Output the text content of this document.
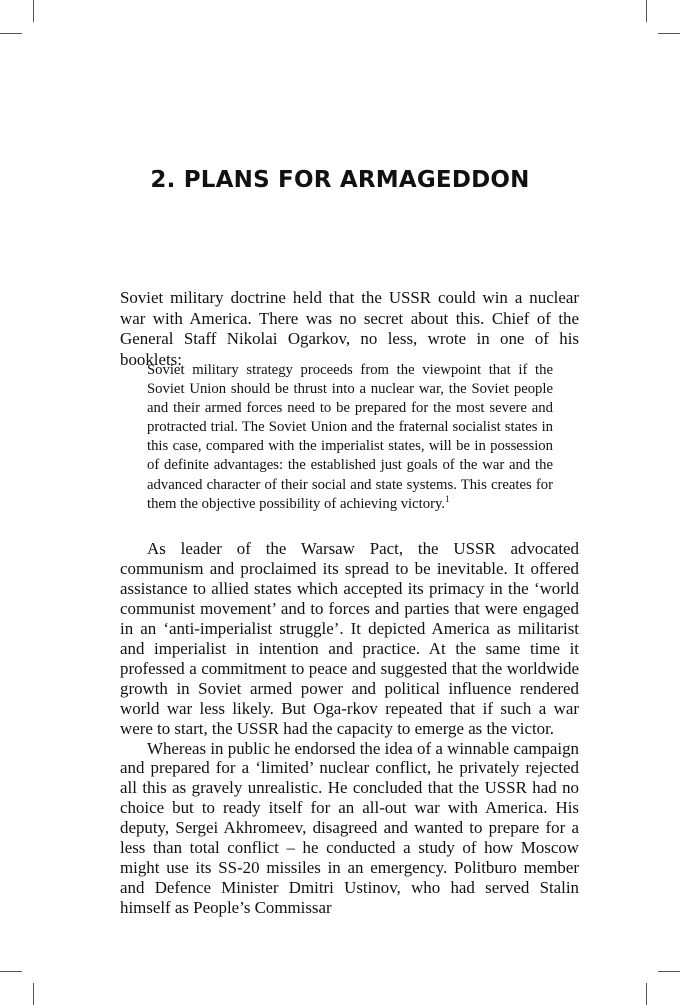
2. PLANS FOR ARMAGEDDON

Soviet military doctrine held that the USSR could win a nuclear war with America. There was no secret about this. Chief of the General Staff Nikolai Ogarkov, no less, wrote in one of his booklets:

Soviet military strategy proceeds from the viewpoint that if the Soviet Union should be thrust into a nuclear war, the Soviet people and their armed forces need to be prepared for the most severe and protracted trial. The Soviet Union and the fraternal socialist states in this case, compared with the imperialist states, will be in possession of definite advantages: the established just goals of the war and the advanced character of their social and state systems. This creates for them the objective possibility of achieving victory.$^1$

As leader of the Warsaw Pact, the USSR advocated communism and proclaimed its spread to be inevitable. It offered assistance to allied states which accepted its primacy in the ‘world communist movement’ and to forces and parties that were engaged in an ‘anti-imperialist struggle’. It depicted America as militarist and imperialist in intention and practice. At the same time it professed a commitment to peace and suggested that the worldwide growth in Soviet armed power and political influence rendered world war less likely. But Oga-rkov repeated that if such a war were to start, the USSR had the capacity to emerge as the victor.

Whereas in public he endorsed the idea of a winnable campaign and prepared for a ‘limited’ nuclear conflict, he privately rejected all this as gravely unrealistic. He concluded that the USSR had no choice but to ready itself for an all-out war with America. His deputy, Sergei Akhromeev, disagreed and wanted to prepare for a less than total conflict – he conducted a study of how Moscow might use its SS-20 missiles in an emergency. Politburo member and Defence Minister Dmitri Ustinov, who had served Stalin himself as People’s Commissar
